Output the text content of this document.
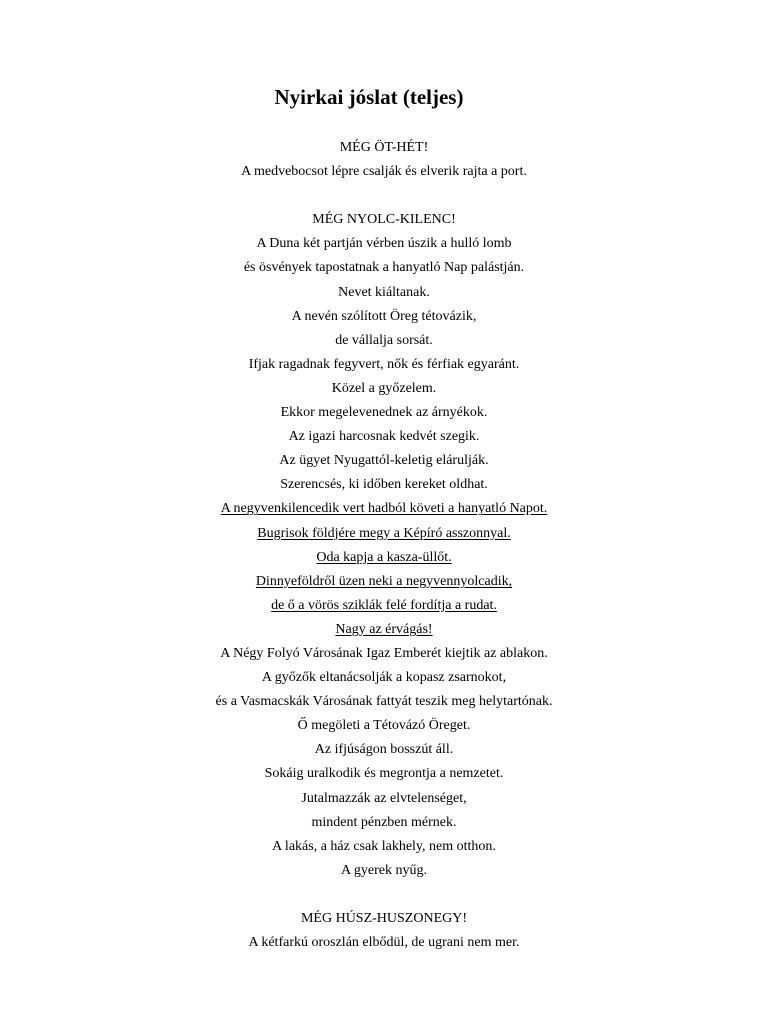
Nyirkai jóslat (teljes)
MÉG ÖT-HÉT!
A medvebocsot lépre csalják és elverik rajta a port.
MÉG NYOLC-KILENC!
A Duna két partján vérben úszik a hulló lomb
és ösvények tapostatnak a hanyatló Nap palástján.
Nevet kiáltanak.
A nevén szólított Öreg tétovázik,
de vállalja sorsát.
Ifjak ragadnak fegyvert, nők és férfiak egyaránt.
Közel a győzelem.
Ekkor megelevenednek az árnyékok.
Az igazi harcosnak kedvét szegik.
Az ügyet Nyugattól-keletig elárulják.
Szerencsés, ki időben kereket oldhat.
A negyvenkilencedik vert hadból követi a hanyatló Napot.
Bugrisok földjére megy a Képíró asszonnyal.
Oda kapja a kasza-üllőt.
Dinnyeföldről üzen neki a negyvennyolcadik,
de ő a vörös sziklák felé fordítja a rudat.
Nagy az érvágás!
A Négy Folyó Városának Igaz Emberét kiejtik az ablakon.
A győzők eltanácsolják a kopasz zsarnokot,
és a Vasmacskák Városának fattyát teszik meg helytartónak.
Ő megöleti a Tétovázó Öreget.
Az ifjúságon bosszút áll.
Sokáig uralkodik és megrontja a nemzetet.
Jutalmazzák az elvtelenséget,
mindent pénzben mérnek.
A lakás, a ház csak lakhely, nem otthon.
A gyerek nyűg.
MÉG HÚSZ-HUSZONEGY!
A kétfarkú oroszlán elbődül, de ugrani nem mer.
